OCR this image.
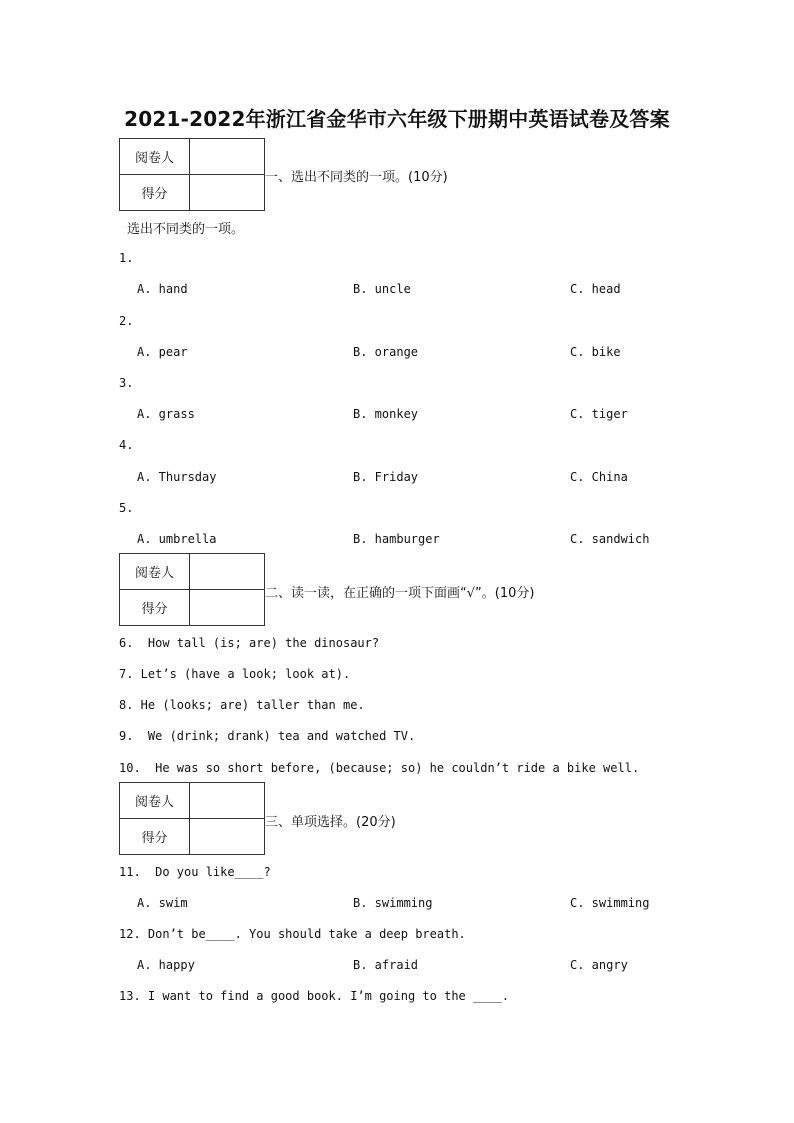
2021-2022年浙江省金华市六年级下册期中英语试卷及答案
阅卷人	
得分	
一、选出不同类的一项。(10分)
选出不同类的一项。
1.
A. hand	B. uncle	C. head
2.
A. pear	B. orange	C. bike
3.
A. grass	B. monkey	C. tiger
4.
A. Thursday	B. Friday	C. China
5.
A. umbrella	B. hamburger	C. sandwich
阅卷人	
得分	
二、读一读，在正确的一项下面画“√”。(10分)
6.  How tall (is; are) the dinosaur?
7. Let’s (have a look; look at).
8. He (looks; are) taller than me.
9.  We (drink; drank) tea and watched TV.
10.  He was so short before, (because; so) he couldn’t ride a bike well.
阅卷人	
得分	
三、单项选择。(20分)
11.  Do you like____?
A. swim	B. swimming	C. swimming
12. Don’t be____. You should take a deep breath.
A. happy	B. afraid	C. angry
13. I want to find a good book. I’m going to the ____.
